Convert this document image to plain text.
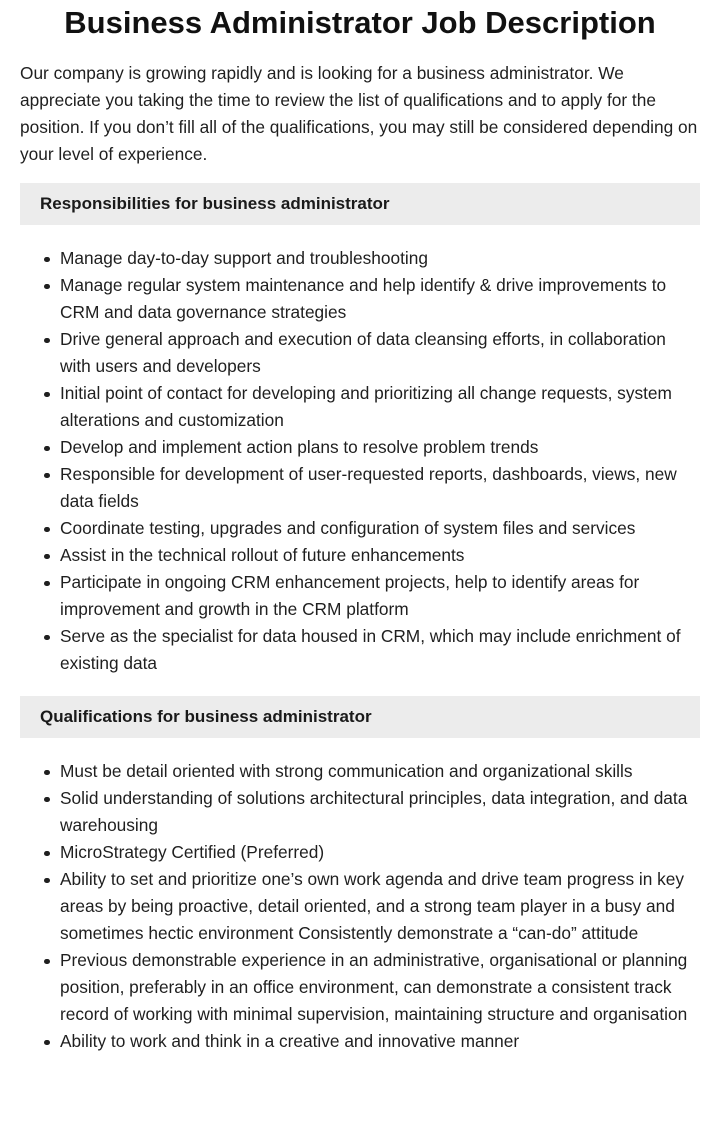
Business Administrator Job Description

Our company is growing rapidly and is looking for a business administrator. We appreciate you taking the time to review the list of qualifications and to apply for the position. If you don’t fill all of the qualifications, you may still be considered depending on your level of experience.

Responsibilities for business administrator
Manage day-to-day support and troubleshooting
Manage regular system maintenance and help identify & drive improvements to CRM and data governance strategies
Drive general approach and execution of data cleansing efforts, in collaboration with users and developers
Initial point of contact for developing and prioritizing all change requests, system alterations and customization
Develop and implement action plans to resolve problem trends
Responsible for development of user-requested reports, dashboards, views, new data fields
Coordinate testing, upgrades and configuration of system files and services
Assist in the technical rollout of future enhancements
Participate in ongoing CRM enhancement projects, help to identify areas for improvement and growth in the CRM platform
Serve as the specialist for data housed in CRM, which may include enrichment of existing data
Qualifications for business administrator
Must be detail oriented with strong communication and organizational skills
Solid understanding of solutions architectural principles, data integration, and data warehousing
MicroStrategy Certified (Preferred)
Ability to set and prioritize one’s own work agenda and drive team progress in key areas by being proactive, detail oriented, and a strong team player in a busy and sometimes hectic environment Consistently demonstrate a “can-do” attitude
Previous demonstrable experience in an administrative, organisational or planning position, preferably in an office environment, can demonstrate a consistent track record of working with minimal supervision, maintaining structure and organisation
Ability to work and think in a creative and innovative manner
